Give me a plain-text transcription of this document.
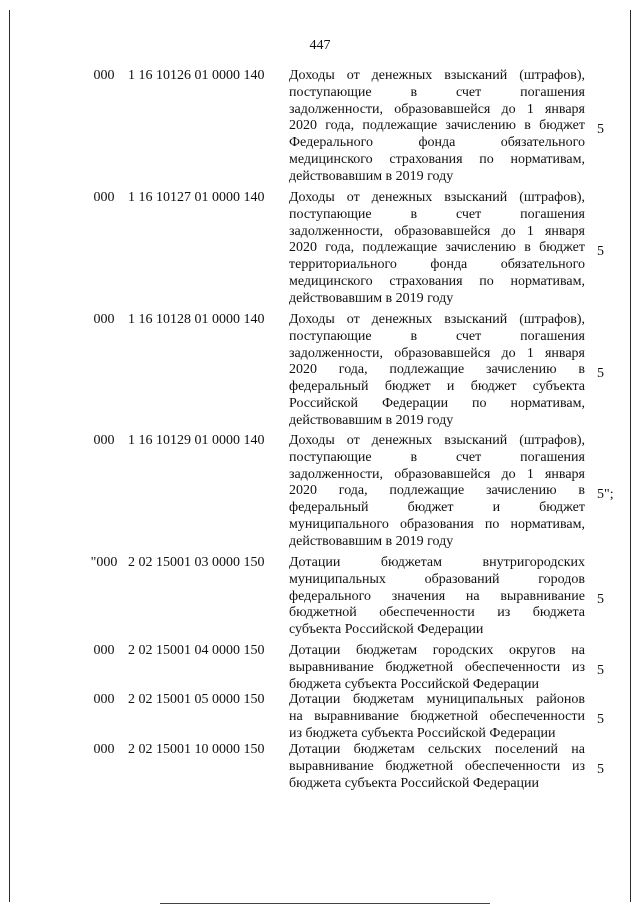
447
000 1 16 10126 01 0000 140	Доходы от денежных взысканий (штрафов),
поступающие в счет погашения
задолженности, образовавшейся до 1 января
2020 года, подлежащие зачислению в бюджет
Федерального фонда обязательного
медицинского страхования по нормативам,
действовавшим в 2019 году
5
000 1 16 10127 01 0000 140	Доходы от денежных взысканий (штрафов),
поступающие в счет погашения
задолженности, образовавшейся до 1 января
2020 года, подлежащие зачислению в бюджет
территориального фонда обязательного
медицинского страхования по нормативам,
действовавшим в 2019 году
5
000 1 16 10128 01 0000 140	Доходы от денежных взысканий (штрафов),
поступающие в счет погашения
задолженности, образовавшейся до 1 января
2020 года, подлежащие зачислению в
федеральный бюджет и бюджет субъекта
Российской Федерации по нормативам,
действовавшим в 2019 году
5
000 1 16 10129 01 0000 140	Доходы от денежных взысканий (штрафов),
поступающие в счет погашения
задолженности, образовавшейся до 1 января
2020 года, подлежащие зачислению в
федеральный бюджет и бюджет
муниципального образования по нормативам,
действовавшим в 2019 году
5";
"000 2 02 15001 03 0000 150	Дотации бюджетам внутригородских
муниципальных образований городов
федерального значения на выравнивание
бюджетной обеспеченности из бюджета
субъекта Российской Федерации
5
000 2 02 15001 04 0000 150	Дотации бюджетам городских округов на
выравнивание бюджетной обеспеченности из
бюджета субъекта Российской Федерации
5
000 2 02 15001 05 0000 150	Дотации бюджетам муниципальных районов
на выравнивание бюджетной обеспеченности
из бюджета субъекта Российской Федерации
5
000 2 02 15001 10 0000 150	Дотации бюджетам сельских поселений на
выравнивание бюджетной обеспеченности из
бюджета субъекта Российской Федерации
5
